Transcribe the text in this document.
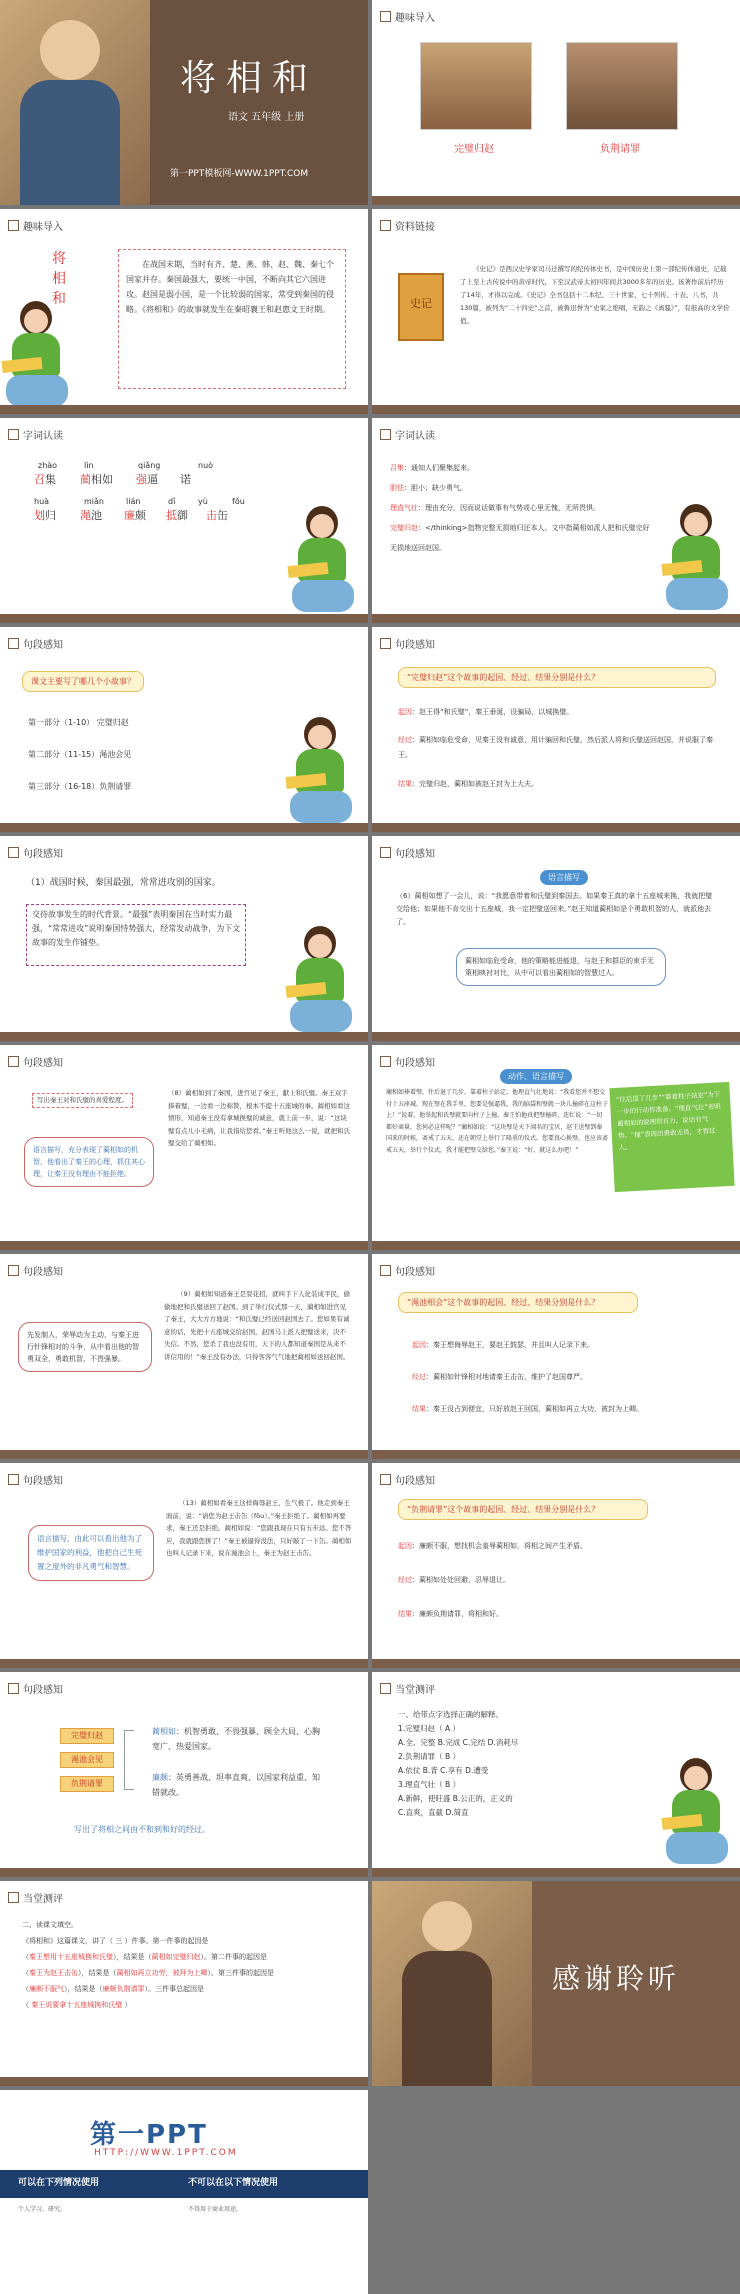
将相和
语文 五年级 上册
第一PPT模板网-WWW.1PPT.COM
趣味导入
完璧归赵	负荆请罪
趣味导入
将
相
和
在战国末期，当时有齐、楚、燕、韩、赵、魏、秦七个国家并存。秦国最强大，要统一中国，不断向其它六国进攻。赵国是弱小国，是一个比较弱的国家，常受到秦国的侵略。《将相和》的故事就发生在秦昭襄王和赵惠文王时期。
资料链接
史记
《史记》是西汉史学家司马迁撰写的纪传体史书，是中国历史上第一部纪传体通史，记载了上至上古传说中的黄帝时代，下至汉武帝太初四年间共3000多年的历史。该著作前后经历了14年，才得以完成。《史记》全书包括十二本纪、三十世家、七十列传、十表、八书，共130篇，被列为“二十四史”之首，被鲁迅誉为“史家之绝唱，无韵之《离骚》”，有很高的文学价值。
字词认读
zhào	lìn	qiǎng	nuò
召集 蔺相如 强逼 诺
huà	miǎn	lián	dǐ	yù	fǒu
划归 渑池 廉颇 抵御 击缶
字词认读
召集：通知人们聚集起来。
胆怯：胆小；缺少勇气。
理直气壮：理由充分，因而说话做事有气势或心里无愧，无所畏惧。
完璧归赵：</thinking>指物完整无损地归还本人。文中指蔺相如派人把和氏璧完好无损地送回赵国。
句段感知
课文主要写了哪几个小故事？
第一部分（1-10） 完璧归赵
第二部分（11-15）渑池会见
第三部分（16-18）负荆请罪
句段感知
“完璧归赵”这个故事的起因、经过、结果分别是什么？
起因：赵王得“和氏璧”，秦王垂涎，设骗局，以城换璧。
经过：蔺相如临危受命，见秦王没有诚意，用计骗回和氏璧，然后派人将和氏璧送回赵国，并说服了秦王。
结果：完璧归赵，蔺相如被赵王封为上大夫。
句段感知
（1）战国时候，秦国最强，常常进攻别的国家。
交待故事发生的时代背景。“最强”表明秦国在当时实力最强，“常常进攻”说明秦国恃势强大，经常发动战争，为下文故事的发生作铺垫。
句段感知
语言描写
（6）蔺相如想了一会儿，说：“我愿意带着和氏璧到秦国去。如果秦王真的拿十五座城来换，我就把璧交给他；如果他不肯交出十五座城，我一定把璧送回来。”赵王知道蔺相如是个勇敢机智的人，就派他去了。
蔺相如临危受命，他的策略能进能退，与赵王和群臣的束手无策相映衬对比，从中可以看出蔺相如的智慧过人。
句段感知
写出秦王对和氏璧的喜爱程度。
语言描写，充分表现了蔺相如的机智，他看出了秦王的心理，抓住其心理，让秦王没有理由不能拒绝。
（8）蔺相如到了秦国，进宫见了秦王，献上和氏璧。秦王双手捧着璧，一边看一边称赞，根本不提十五座城的事。蔺相如看这情形，知道秦王没有拿城换璧的诚意，就上前一步，说：“这块璧有点儿小毛病，让我指给您看。”秦王听他这么一说，就把和氏璧交给了蔺相如。
句段感知
动作、语言描写
蔺相如捧着璧，往后退了几步，靠着柱子站定。他理直气壮地说：“我看您并不想交付十五座城。现在璧在我手里，您要是强逼我，我的脑袋和璧就一块儿撞碎在这柱子上！”说着，他举起和氏璧就要向柱子上撞。秦王怕他真把璧撞碎，连忙说：“一切都好商量，您何必这样呢？”蔺相如说：“这块璧是天下闻名的宝贝，赵王送璧到秦国来的时候，斋戒了五天，还在朝堂上举行了隆重的仪式。您要真心换璧，也应该斋戒五天，举行个仪式，我才能把璧交给您。”秦王说：“好，就这么办吧！”
“往后退了几步”“靠着柱子站定”为下一步的行动作准备。“理直气壮”表明蔺相如的说理很有力，说话有气势。“撞”表现出勇敢无畏，才智过人。
句段感知
先发制人，荣辱动为主动，与秦王进行针锋相对的斗争，从中看出他的智勇双全，勇敢机智、不畏强暴。
（9）蔺相如知道秦王是耍花招，就叫手下人化装成平民，偷偷地把和氏璧送回了赵国。到了举行仪式那一天，蔺相如进宫见了秦王，大大方方地说：“和氏璧已经送回赵国去了。您如果有诚意的话，先把十五座城交给赵国，赵国马上派人把璧送来，决不失信。不然，您杀了我也没有用，天下的人都知道秦国是从来不讲信用的！”秦王没有办法，只得客客气气地把蔺相如送回赵国。
句段感知
“渑池相会”这个故事的起因、经过、结果分别是什么？
起因：秦王想侮辱赵王，要赵王鼓瑟，并且叫人记录下来。
经过：蔺相如针锋相对地请秦王击缶，维护了赵国尊严。
结果：秦王没占到便宜，只好放赵王回国，蔺相如再立大功，被封为上卿。
句段感知
语言描写，由此可以看出他为了维护国家的利益，他把自己生死置之度外的非凡勇气和智慧。
（13）蔺相如看秦王这样侮辱赵王，生气极了。他走到秦王面前，说：“请您为赵王击缶（fǒu）。”秦王拒绝了。蔺相如再要求，秦王还是拒绝。蔺相如说：“您跟我现在只有五步远。您不答应，我就跟您拼了！”秦王被逼得没法，只好敲了一下缶。蔺相如也叫人记录下来，说在渑池会上，秦王为赵王击缶。
句段感知
“负荆请罪”这个故事的起因、经过、结果分别是什么？
起因：廉颇不服，想找机会羞辱蔺相如，将相之间产生矛盾。
经过：蔺相如处处回避，忍辱退让。
结果：廉颇负荆请罪，将相和好。
句段感知
完璧归赵
渑池会见
负荆请罪
蔺相如：机智勇敢、不畏强暴、顾全大局、心胸宽广、热爱国家。
廉颇：英勇善战、坦率直爽、以国家利益重、知错就改。
写出了将相之间由不和到和好的经过。
当堂测评
一、给带点字选择正确的解释。
1.完璧归赵（ A ）
A.全、完整 B.完成 C.完结 D.消耗尽
2.负荆请罪（ B ）
A.依仗 B.背 C.享有 D.遭受
3.理直气壮（ B ）
A.新鲜，使旺盛 B.公正的，正义的
C.直爽，直截 D.简直
当堂测评
二、读课文填空。
《将相和》这篇课文，讲了（ 三 ）件事。第一件事的起因是
（秦王想用十五座城换和氏璧），结果是（蔺相如完璧归赵）。第二件事的起因是
（秦王为赵王击缶），结果是（蔺相如再立功劳，被拜为上卿）。第三件事的起因是
（廉颇不服气），结果是（廉颇负荆请罪）。三件事总起因是
（ 秦王说要拿十五座城换和氏璧 ）
感谢聆听
第一PPT
HTTP://WWW.1PPT.COM
可以在下列情况使用	不可以在以下情况使用
个人学习、研究。	不得用于商业用途。
